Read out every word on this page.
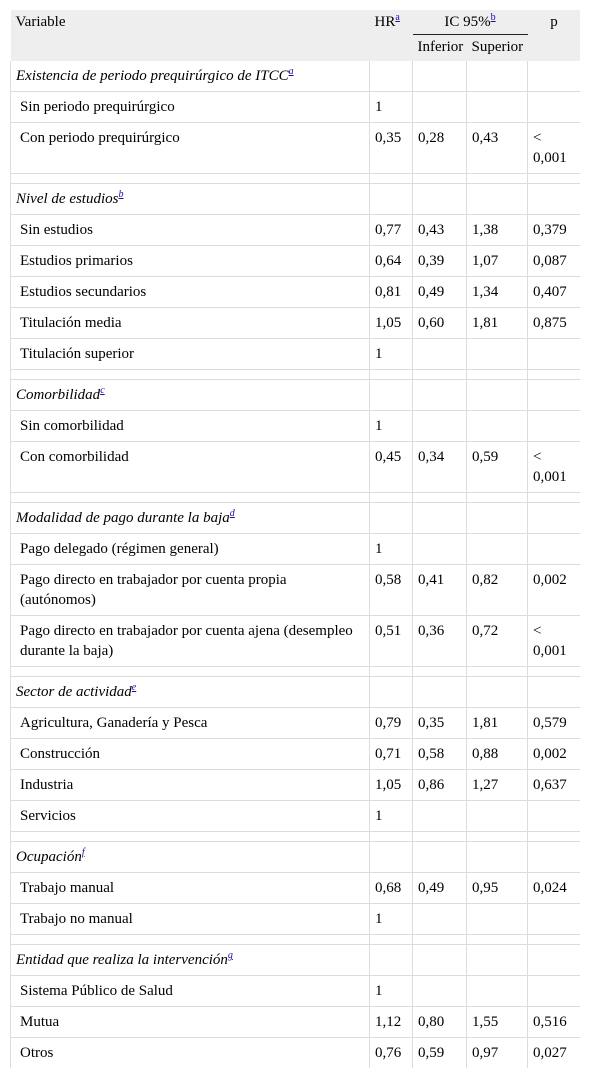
Variable	HR$^a$	IC 95%$^b$		p
		Inferior	Superior	
Existencia de periodo prequirúrgico de ITCC$^a$				
Sin periodo prequirúrgico	1			
Con periodo prequirúrgico	0,35	0,28	0,43	< 0,001

Nivel de estudios$^b$				
Sin estudios	0,77	0,43	1,38	0,379
Estudios primarios	0,64	0,39	1,07	0,087
Estudios secundarios	0,81	0,49	1,34	0,407
Titulación media	1,05	0,60	1,81	0,875
Titulación superior	1			

Comorbilidad$^c$				
Sin comorbilidad	1			
Con comorbilidad	0,45	0,34	0,59	< 0,001

Modalidad de pago durante la baja$^d$				
Pago delegado (régimen general)	1			
Pago directo en trabajador por cuenta propia (autónomos)	0,58	0,41	0,82	0,002
Pago directo en trabajador por cuenta ajena (desempleo durante la baja)	0,51	0,36	0,72	< 0,001

Sector de actividad$^e$				
Agricultura, Ganadería y Pesca	0,79	0,35	1,81	0,579
Construcción	0,71	0,58	0,88	0,002
Industria	1,05	0,86	1,27	0,637
Servicios	1			

Ocupación$^f$				
Trabajo manual	0,68	0,49	0,95	0,024
Trabajo no manual	1			

Entidad que realiza la intervención$^g$				
Sistema Público de Salud	1			
Mutua	1,12	0,80	1,55	0,516
Otros	0,76	0,59	0,97	0,027
